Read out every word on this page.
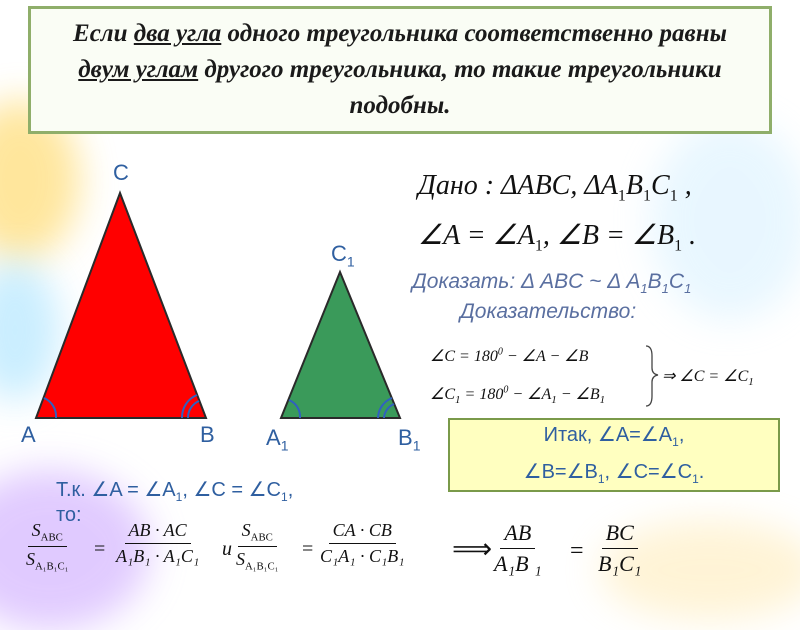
Если два угла одного треугольника соответственно равны двум углам другого треугольника, то такие треугольники подобны.
C
A	B
$C_1$
$A_1$	$B_1$
Дано : ΔABC, $\Delta A_1B_1C_1$ ,
∠A = $\angle A_1$, ∠B = $\angle B_1$ .
Доказать: Δ ABC ~ Δ $A_1B_1C_1$
Доказательство:
∠C = $180^0$ − ∠A − ∠B
$\angle C_1 = 180^0$ − $\angle A_1$ − $\angle B_1$
⇒ ∠C = $\angle C_1$
Итак, $\angle A=\angle A_1$,
$\angle B=\angle B_1$, $\angle C=\angle C_1$.
Т.к. ∠A = $\angle A_1$, ∠C = $\angle C_1$,
то:
$S_{ABC}$
$S_{A_1B_1C_1}$
= $\frac{AB \cdot AC}{\text{A₁B₁ · A₁C₁}}$ и
$S_{ABC}$
$S_{A_1B_1C_1}$
= $\frac{CA \cdot CB}{\text{C₁A₁ · C₁B₁}}$ ⟹ $\frac{AB}{\text{A₁B ₁}} = \frac{BC}{\text{B₁C₁}}$
